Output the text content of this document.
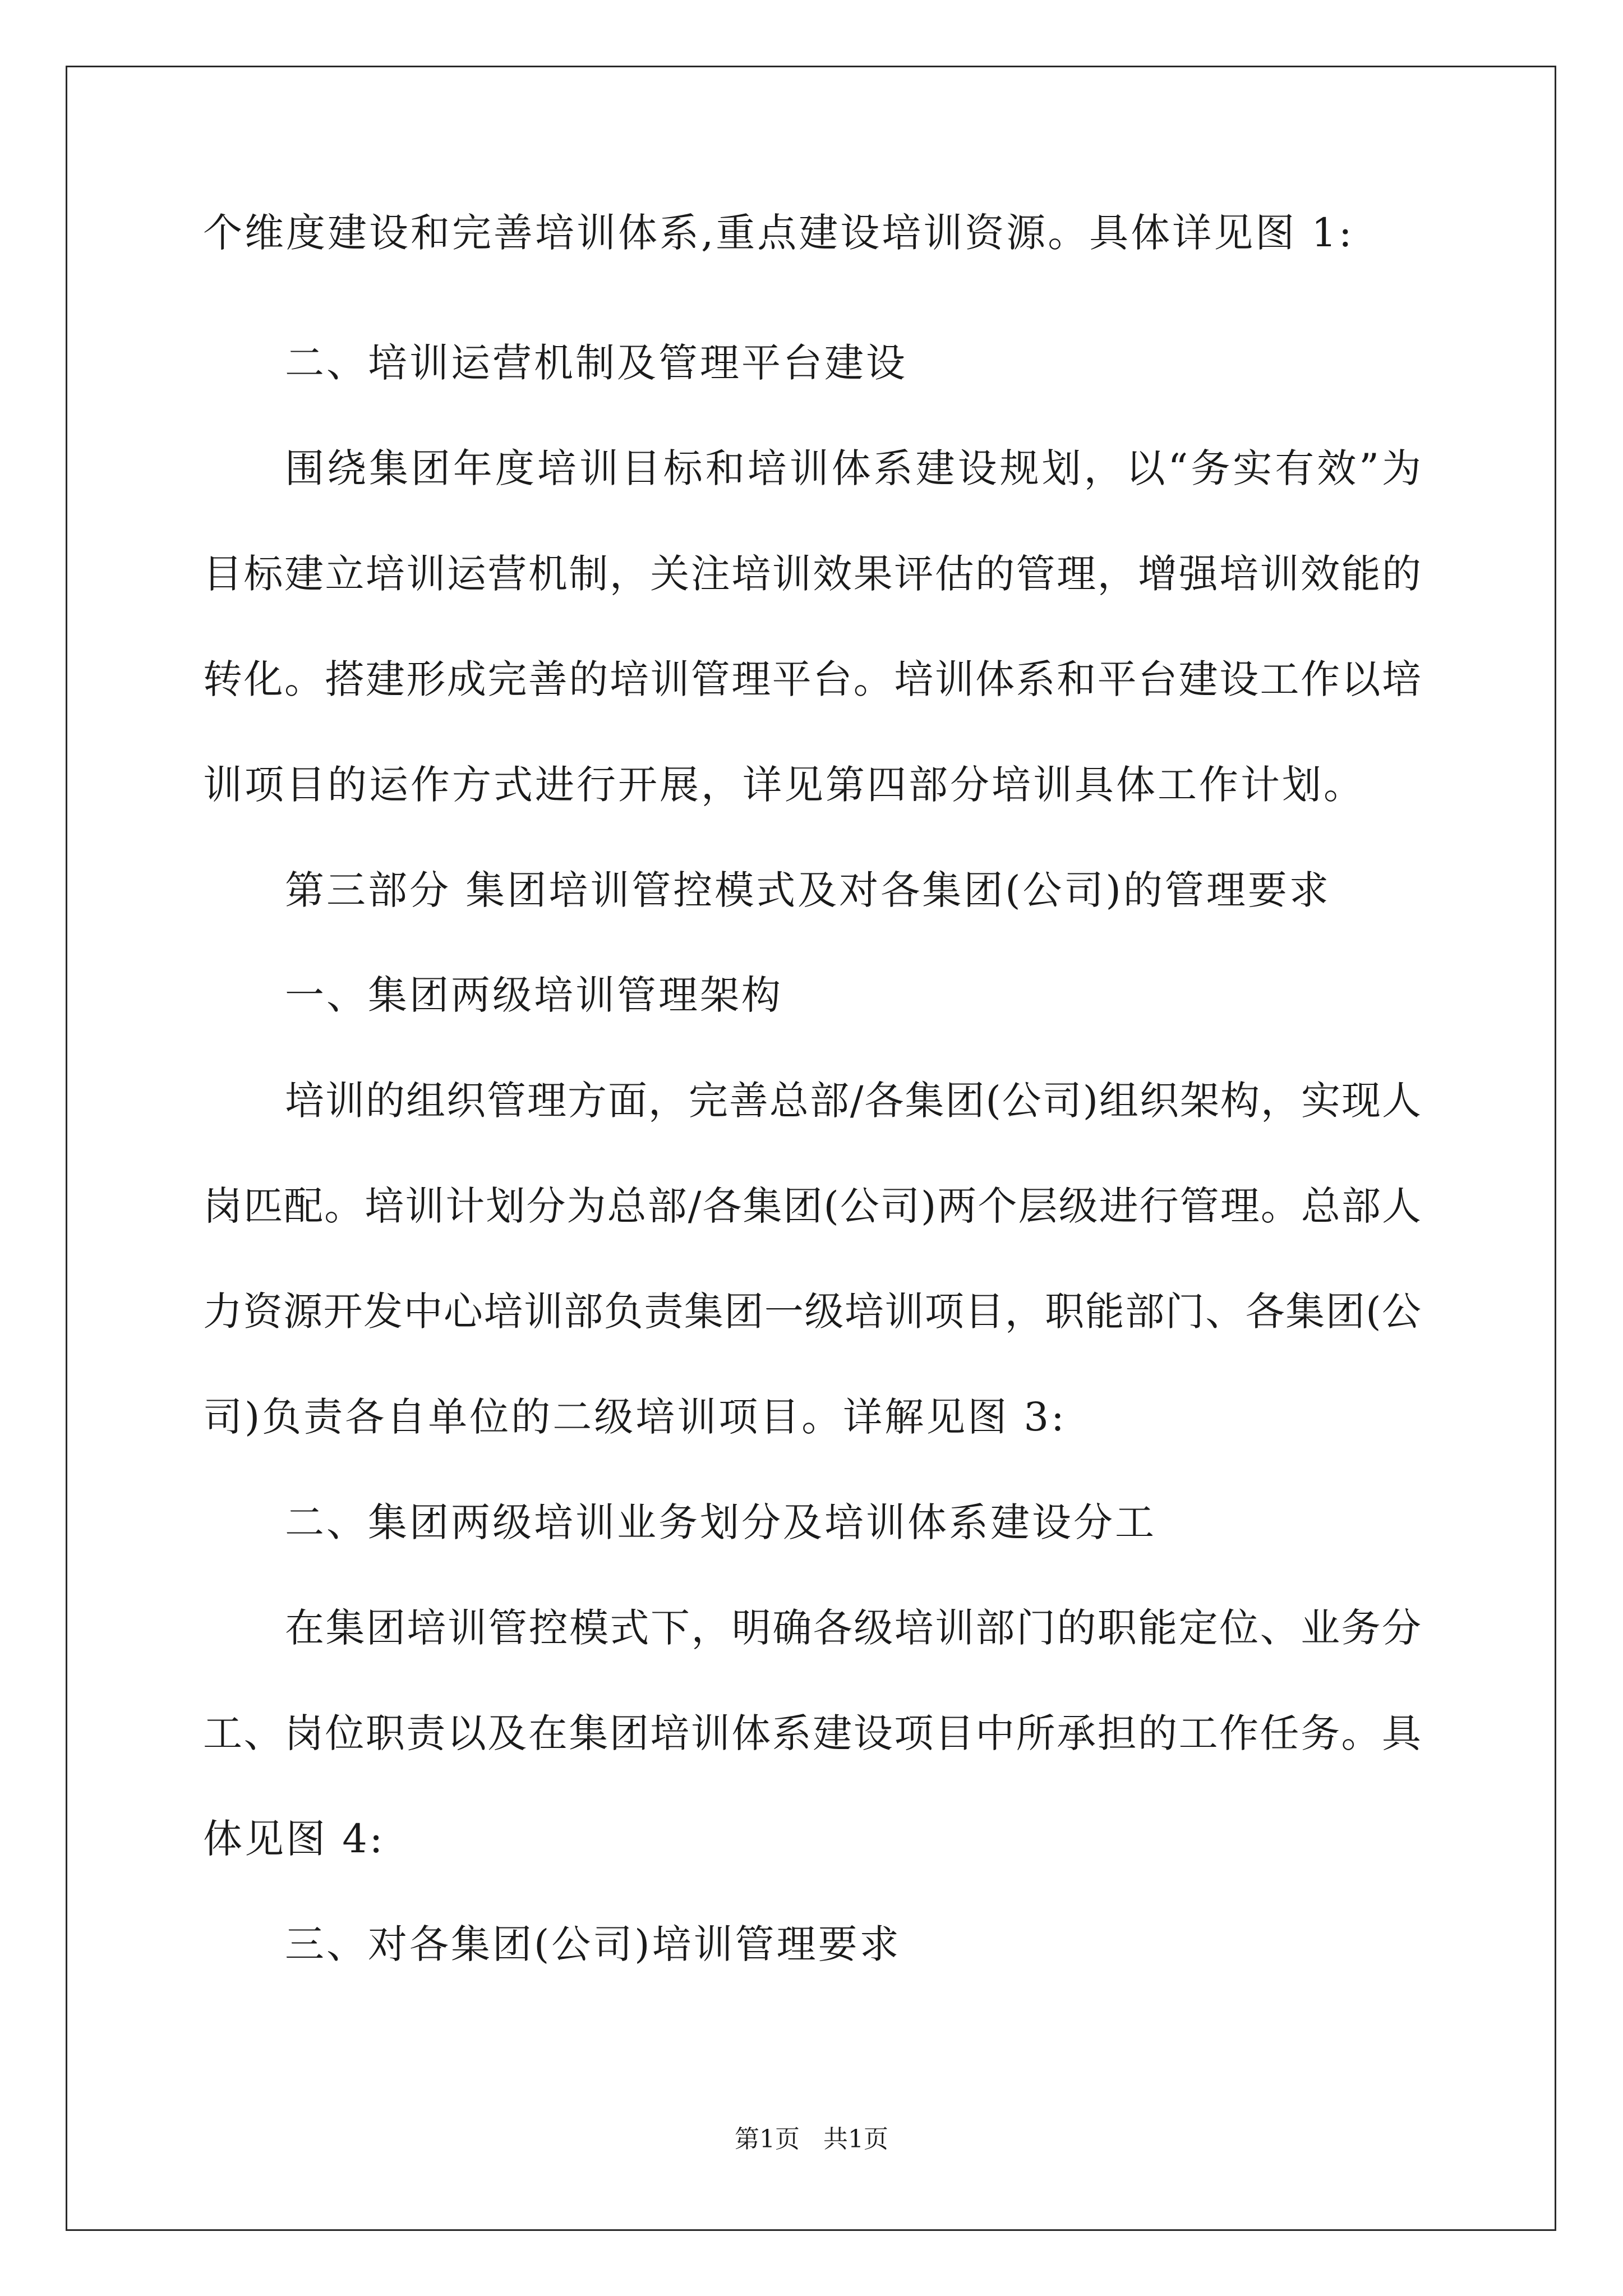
个维度建设和完善培训体系,重点建设培训资源。具体详见图 1:
二、培训运营机制及管理平台建设
围绕集团年度培训目标和培训体系建设规划，以“务实有效”为
目标建立培训运营机制，关注培训效果评估的管理，增强培训效能的
转化。搭建形成完善的培训管理平台。培训体系和平台建设工作以培
训项目的运作方式进行开展，详见第四部分培训具体工作计划。
第三部分 集团培训管控模式及对各集团(公司)的管理要求
一、集团两级培训管理架构
培训的组织管理方面，完善总部/各集团(公司)组织架构，实现人
岗匹配。培训计划分为总部/各集团(公司)两个层级进行管理。总部人
力资源开发中心培训部负责集团一级培训项目，职能部门、各集团(公
司)负责各自单位的二级培训项目。详解见图 3:
二、集团两级培训业务划分及培训体系建设分工
在集团培训管控模式下，明确各级培训部门的职能定位、业务分
工、岗位职责以及在集团培训体系建设项目中所承担的工作任务。具
体见图 4:
三、对各集团(公司)培训管理要求
第1页   共1页
